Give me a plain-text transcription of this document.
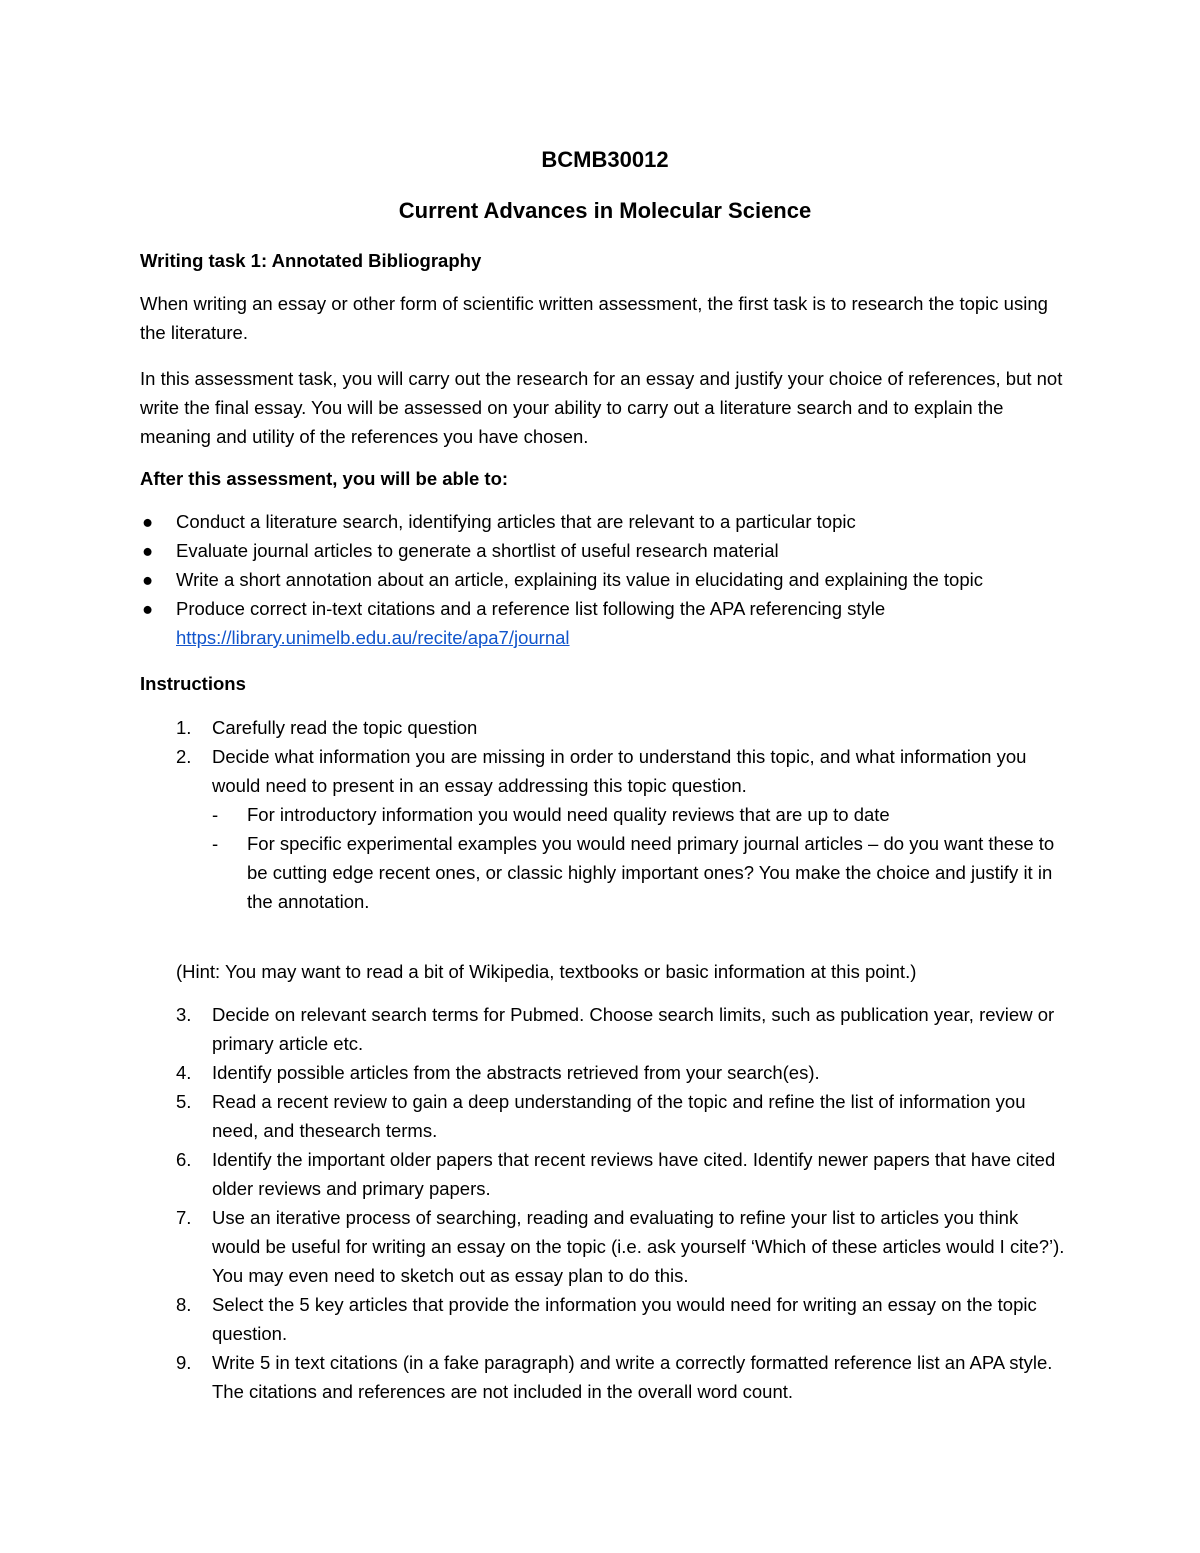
BCMB30012
Current Advances in Molecular Science
Writing task 1: Annotated Bibliography
When writing an essay or other form of scientific written assessment, the first task is to research the topic using the literature.
In this assessment task, you will carry out the research for an essay and justify your choice of references, but not write the final essay. You will be assessed on your ability to carry out a literature search and to explain the meaning and utility of the references you have chosen.
After this assessment, you will be able to:
● Conduct a literature search, identifying articles that are relevant to a particular topic
● Evaluate journal articles to generate a shortlist of useful research material
● Write a short annotation about an article, explaining its value in elucidating and explaining the topic
● Produce correct in-text citations and a reference list following the APA referencing style
https://library.unimelb.edu.au/recite/apa7/journal
Instructions
1. Carefully read the topic question
2. Decide what information you are missing in order to understand this topic, and what information you would need to present in an essay addressing this topic question.
- For introductory information you would need quality reviews that are up to date
- For specific experimental examples you would need primary journal articles – do you want these to be cutting edge recent ones, or classic highly important ones? You make the choice and justify it in the annotation.
(Hint: You may want to read a bit of Wikipedia, textbooks or basic information at this point.)
3. Decide on relevant search terms for Pubmed. Choose search limits, such as publication year, review or primary article etc.
4. Identify possible articles from the abstracts retrieved from your search(es).
5. Read a recent review to gain a deep understanding of the topic and refine the list of information you need, and thesearch terms.
6. Identify the important older papers that recent reviews have cited. Identify newer papers that have cited older reviews and primary papers.
7. Use an iterative process of searching, reading and evaluating to refine your list to articles you think would be useful for writing an essay on the topic (i.e. ask yourself ‘Which of these articles would I cite?’). You may even need to sketch out as essay plan to do this.
8. Select the 5 key articles that provide the information you would need for writing an essay on the topic question.
9. Write 5 in text citations (in a fake paragraph) and write a correctly formatted reference list an APA style. The citations and references are not included in the overall word count.
